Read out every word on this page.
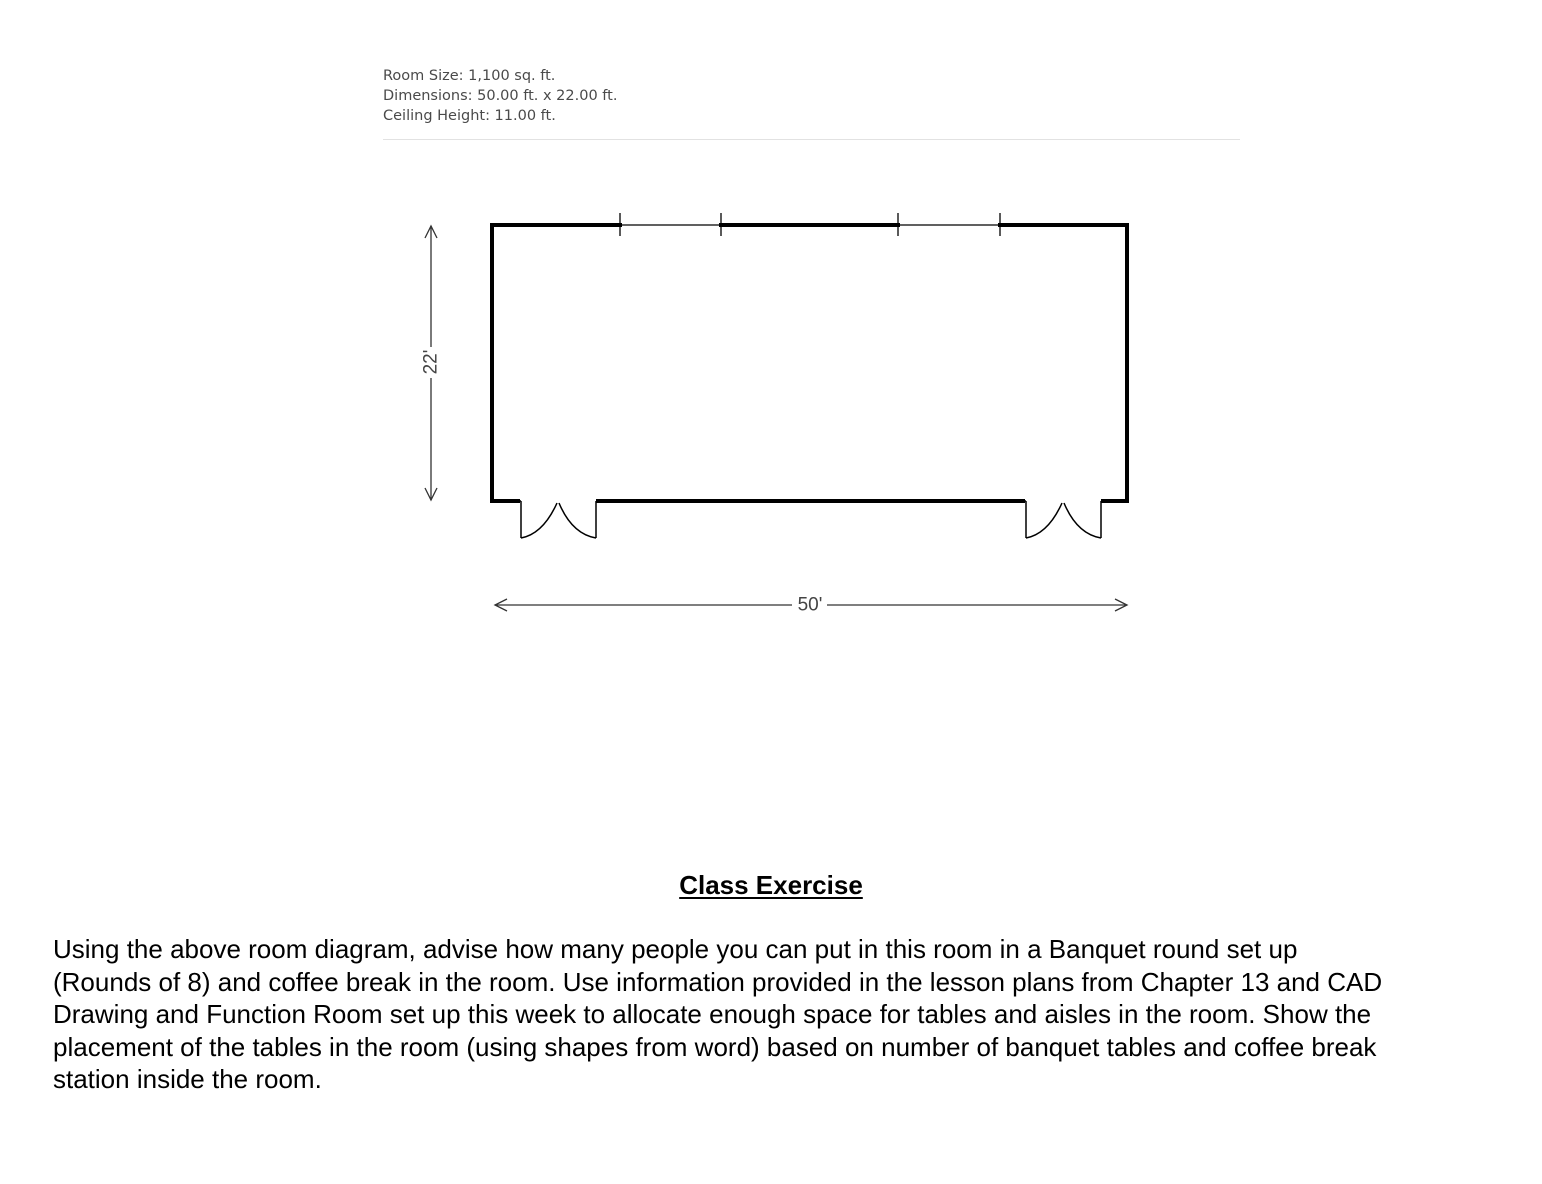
Room Size: 1,100 sq. ft.
Dimensions: 50.00 ft. x 22.00 ft.
Ceiling Height: 11.00 ft.
22'
50'
Class Exercise
Using the above room diagram, advise how many people you can put in this room in a Banquet round set up
(Rounds of 8) and coffee break in the room. Use information provided in the lesson plans from Chapter 13 and CAD
Drawing and Function Room set up this week to allocate enough space for tables and aisles in the room. Show the
placement of the tables in the room (using shapes from word) based on number of banquet tables and coffee break
station inside the room.
